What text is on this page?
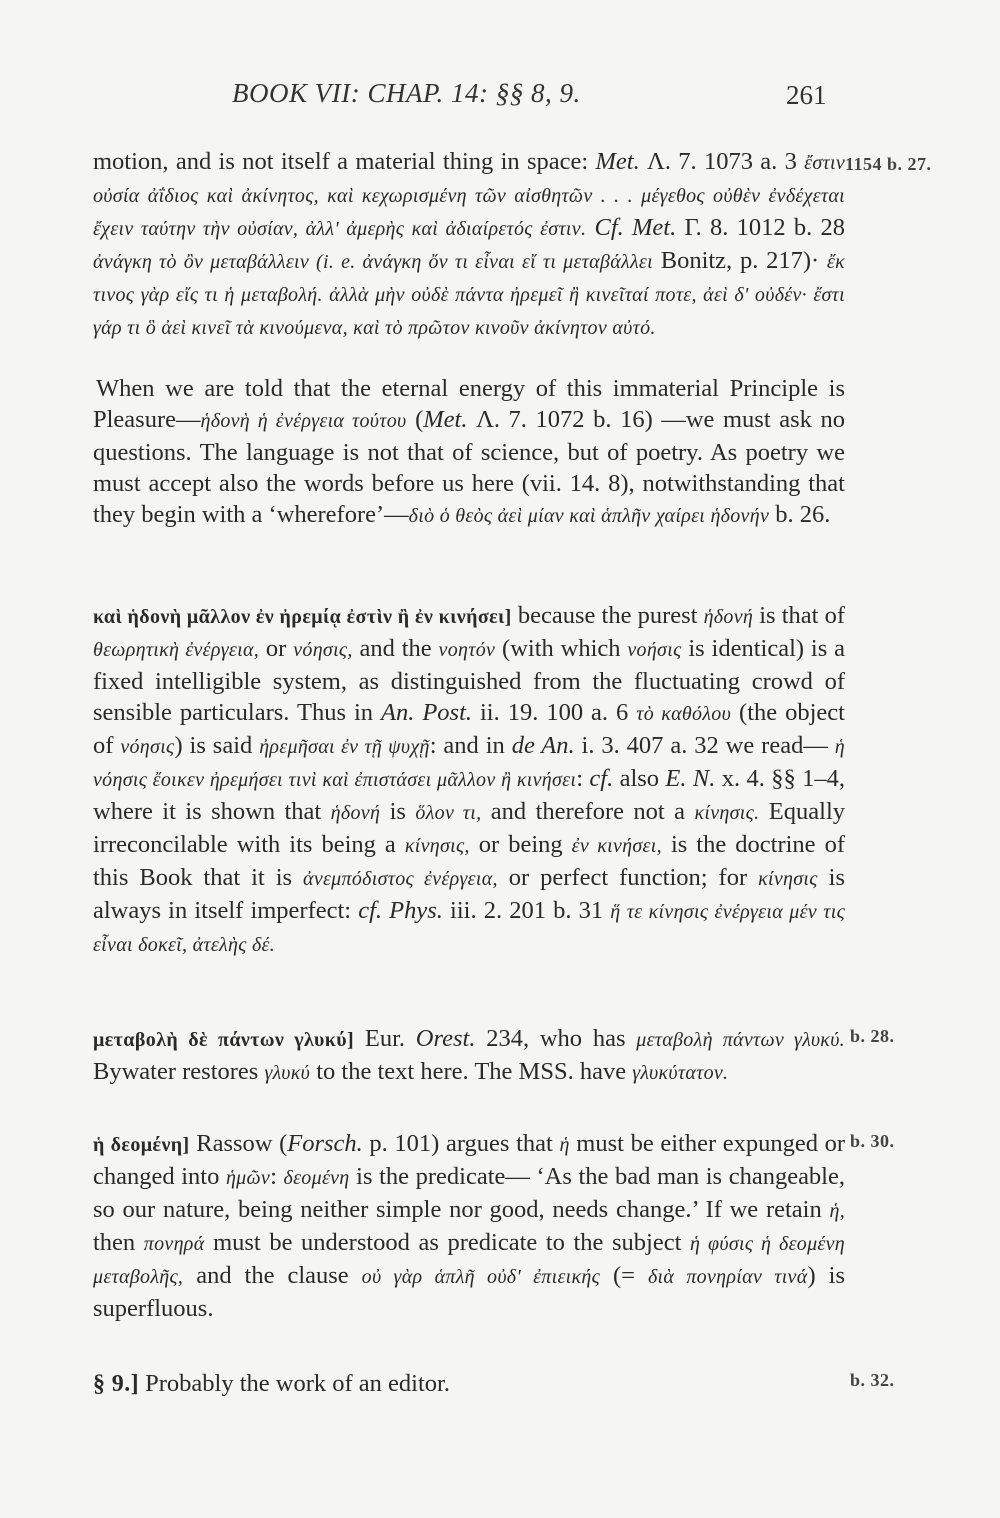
BOOK VII: CHAP. 14: §§ 8, 9.	261
1154 b. 27.
b. 28.
b. 30.
b. 32.

motion, and is not itself a material thing in space: Met. Λ. 7. 1073 a. 3 ἔστιν οὐσία ἀΐδιος καὶ ἀκίνητος, καὶ κεχωρισμένη τῶν αἰσθητῶν . . . μέγεθος οὐθὲν ἐνδέχεται ἔχειν ταύτην τὴν οὐσίαν, ἀλλ' ἀμερὴς καὶ ἀδιαίρετός ἐστιν. Cf. Met. Γ. 8. 1012 b. 28 ἀνάγκη τὸ ὂν μεταβάλλειν (i. e. ἀνάγκη ὄν τι εἶναι εἴ τι μεταβάλλει Bonitz, p. 217)· ἔκ τινος γὰρ εἴς τι ἡ μεταβολή. ἀλλὰ μὴν οὐδὲ πάντα ἠρεμεῖ ἢ κινεῖταί ποτε, ἀεὶ δ' οὐδέν· ἔστι γάρ τι ὃ ἀεὶ κινεῖ τὰ κινούμενα, καὶ τὸ πρῶτον κινοῦν ἀκίνητον αὐτό.

When we are told that the eternal energy of this immaterial Principle is Pleasure—ἡδονὴ ἡ ἐνέργεια τούτου (Met. Λ. 7. 1072 b. 16) —we must ask no questions. The language is not that of science, but of poetry. As poetry we must accept also the words before us here (vii. 14. 8), notwithstanding that they begin with a ‘wherefore’—διὸ ὁ θεὸς ἀεὶ μίαν καὶ ἁπλῆν χαίρει ἡδονήν b. 26.

καὶ ἡδονὴ μᾶλλον ἐν ἠρεμίᾳ ἐστὶν ἢ ἐν κινήσει] because the purest ἡδονή is that of θεωρητικὴ ἐνέργεια, or νόησις, and the νοητόν (with which νοήσις is identical) is a fixed intelligible system, as distinguished from the fluctuating crowd of sensible particulars. Thus in An. Post. ii. 19. 100 a. 6 τὸ καθόλου (the object of νόησις) is said ἠρεμῆσαι ἐν τῇ ψυχῇ: and in de An. i. 3. 407 a. 32 we read— ἡ νόησις ἔοικεν ἠρεμήσει τινὶ καὶ ἐπιστάσει μᾶλλον ἢ κινήσει: cf. also E. N. x. 4. §§ 1–4, where it is shown that ἡδονή is ὅλον τι, and therefore not a κίνησις. Equally irreconcilable with its being a κίνησις, or being ἐν κινήσει, is the doctrine of this Book that it is ἀνεμπόδιστος ἐνέργεια, or perfect function; for κίνησις is always in itself imperfect: cf. Phys. iii. 2. 201 b. 31 ἥ τε κίνησις ἐνέργεια μέν τις εἶναι δοκεῖ, ἀτελὴς δέ.

μεταβολὴ δὲ πάντων γλυκύ] Eur. Orest. 234, who has μεταβολὴ πάντων γλυκύ. Bywater restores γλυκύ to the text here. The MSS. have γλυκύτατον.

ἡ δεομένη] Rassow (Forsch. p. 101) argues that ἡ must be either expunged or changed into ἡμῶν: δεομένη is the predicate— ‘As the bad man is changeable, so our nature, being neither simple nor good, needs change.’ If we retain ἡ, then πονηρά must be understood as predicate to the subject ἡ φύσις ἡ δεομένη μεταβολῆς, and the clause οὐ γὰρ ἁπλῆ οὐδ' ἐπιεικής (= διὰ πονηρίαν τινά) is superfluous.

§ 9.] Probably the work of an editor.
